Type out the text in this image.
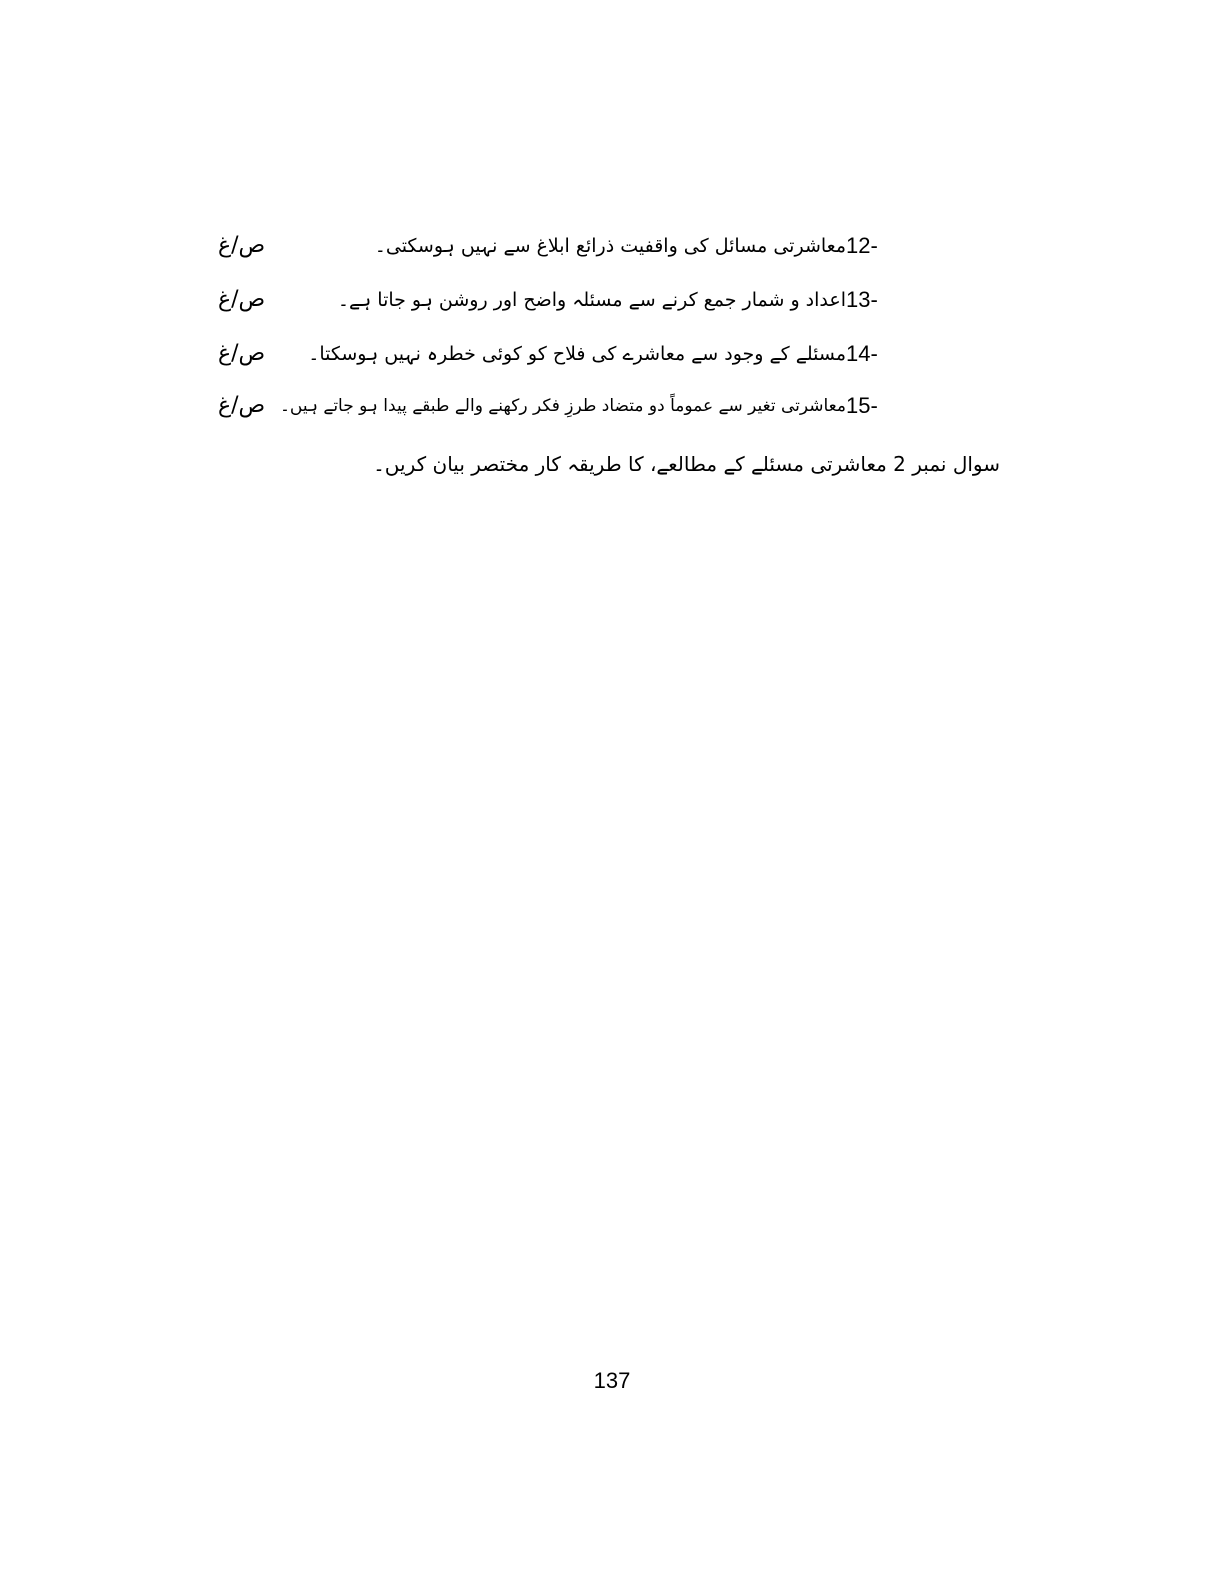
12-
معاشرتی مسائل کی واقفیت ذرائع ابلاغ سے نہیں ہوسکتی۔
ص/غ
13-
اعداد و شمار جمع کرنے سے مسئلہ واضح اور روشن ہو جاتا ہے۔
ص/غ
14-
مسئلے کے وجود سے معاشرے کی فلاح کو کوئی خطرہ نہیں ہوسکتا۔
ص/غ
15-
معاشرتی تغیر سے عموماً دو متضاد طرزِ فکر رکھنے والے طبقے پیدا ہو جاتے ہیں۔
ص/غ
سوال نمبر 2 معاشرتی مسئلے کے مطالعے، کا طریقہ کار مختصر بیان کریں۔
137
